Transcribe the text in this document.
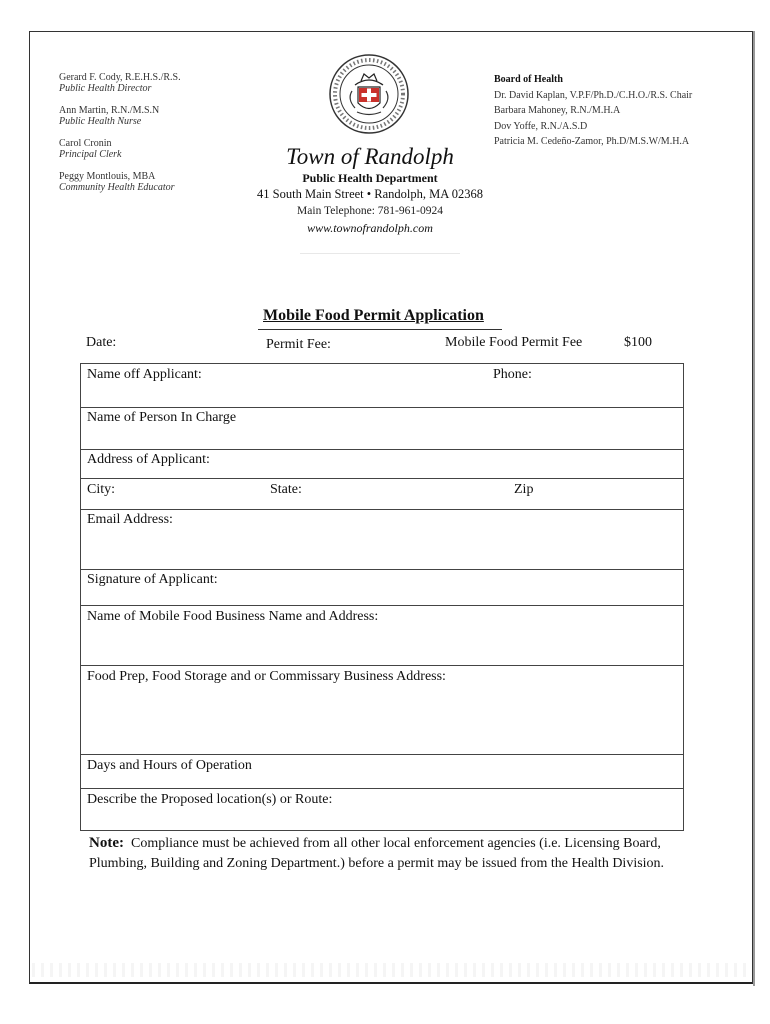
Gerard F. Cody, R.E.H.S./R.S.
Public Health Director
Ann Martin, R.N./M.S.N
Public Health Nurse
Carol Cronin
Principal Clerk
Peggy Montlouis, MBA
Community Health Educator
Board of Health
Dr. David Kaplan, V.P.F/Ph.D./C.H.O./R.S. Chair
Barbara Mahoney, R.N./M.H.A
Dov Yoffe, R.N./A.S.D
Patricia M. Cedeño-Zamor, Ph.D/M.S.W/M.H.A
Town of Randolph
Public Health Department
41 South Main Street • Randolph, MA 02368
Main Telephone: 781-961-0924
www.townofrandolph.com
Mobile Food Permit Application
Date:	Permit Fee:	Mobile Food Permit Fee	$100
Name off Applicant:	Phone:
Name of Person In Charge
Address of Applicant:
City:	State:	Zip
Email Address:
Signature of Applicant:
Name of Mobile Food Business Name and Address:
Food Prep, Food Storage and or Commissary Business Address:
Days and Hours of Operation
Describe the Proposed location(s) or Route:
Note: Compliance must be achieved from all other local enforcement agencies (i.e. Licensing Board, Plumbing, Building and Zoning Department.) before a permit may be issued from the Health Division.
